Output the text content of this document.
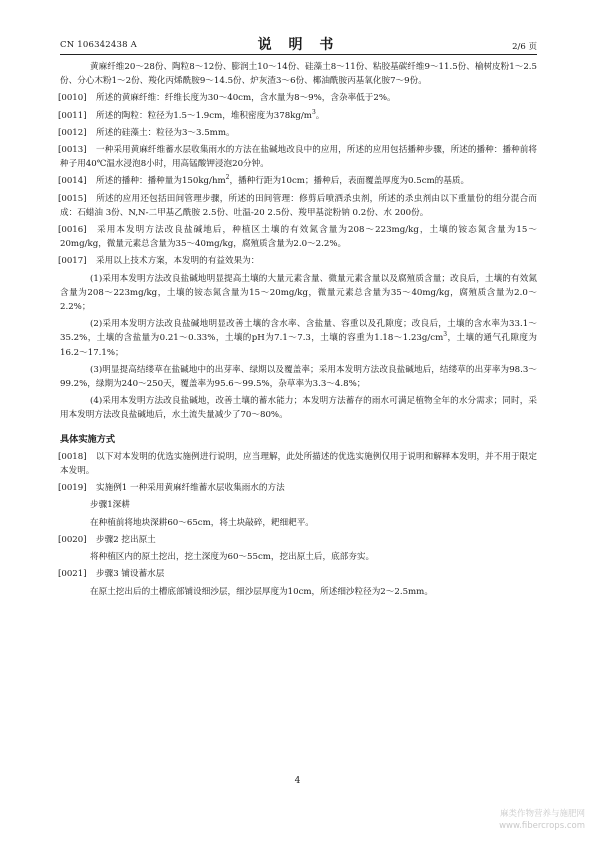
CN 106342438 A	说 明 书	2/6 页

黄麻纤维20～28份、陶粒8～12份、膨润土10～14份、硅藻土8～11份、粘胶基碳纤维9～11.5份、榆树皮粉1～2.5份、分心木粉1～2份、羧化丙烯酰胺9～14.5份、炉灰渣3～6份、椰油酰胺丙基氧化胺7～9份。

[0010] 所述的黄麻纤维：纤维长度为30～40cm，含水量为8～9%，含杂率低于2%。

[0011] 所述的陶粒：粒径为1.5～1.9cm，堆积密度为$378kg/m^3$。

[0012] 所述的硅藻土：粒径为3～3.5mm。

[0013] 一种采用黄麻纤维蓄水层收集雨水的方法在盐碱地改良中的应用，所述的应用包括播种步骤，所述的播种：播种前将种子用40℃温水浸泡8小时，用高锰酸钾浸泡20分钟。

[0014] 所述的播种：播种量为$150kg/hm^2$，播种行距为10cm；播种后，表面覆盖厚度为0.5cm的基质。

[0015] 所述的应用还包括田间管理步骤，所述的田间管理：修剪后喷洒杀虫剂，所述的杀虫剂由以下重量份的组分混合而成：石蜡油 3份、N,N-二甲基乙酰胺 2.5份、吐温-20 2.5份、羧甲基淀粉钠 0.2份、水 200份。

[0016] 采用本发明方法改良盐碱地后，种植区土壤的有效氮含量为208～223mg/kg，土壤的铵态氮含量为15～20mg/kg，微量元素总含量为35～40mg/kg，腐殖质含量为2.0～2.2%。

[0017] 采用以上技术方案，本发明的有益效果为：

(1)采用本发明方法改良盐碱地明显提高土壤的大量元素含量、微量元素含量以及腐殖质含量；改良后，土壤的有效氮含量为208～223mg/kg，土壤的铵态氮含量为15～20mg/kg，微量元素总含量为35～40mg/kg，腐殖质含量为2.0～2.2%；

(2)采用本发明方法改良盐碱地明显改善土壤的含水率、含盐量、容重以及孔隙度；改良后，土壤的含水率为33.1～35.2%，土壤的含盐量为0.21～0.33%，土壤的pH为7.1～7.3，土壤的容重为$1.18\sim 1.23g/cm^3$，土壤的通气孔隙度为16.2～17.1%；

(3)明显提高结缕草在盐碱地中的出芽率、绿期以及覆盖率；采用本发明方法改良盐碱地后，结缕草的出芽率为98.3～99.2%，绿期为240～250天，覆盖率为95.6～99.5%，杂草率为3.3～4.8%；

(4)采用本发明方法改良盐碱地，改善土壤的蓄水能力；本发明方法蓄存的雨水可满足植物全年的水分需求；同时，采用本发明方法改良盐碱地后，水土流失量减少了70～80%。

具体实施方式

[0018] 以下对本发明的优选实施例进行说明，应当理解，此处所描述的优选实施例仅用于说明和解释本发明，并不用于限定本发明。

[0019] 实施例1 一种采用黄麻纤维蓄水层收集雨水的方法

步骤1深耕

在种植前将地块深耕60～65cm，将土块敲碎，耙细耙平。

[0020] 步骤2 挖出原土

将种植区内的原土挖出，挖土深度为60～55cm，挖出原土后，底部夯实。

[0021] 步骤3 铺设蓄水层

在原土挖出后的土槽底部铺设细沙层，细沙层厚度为10cm，所述细沙粒径为2～2.5mm。

4
麻类作物营养与施肥网
www.fibercrops.com
